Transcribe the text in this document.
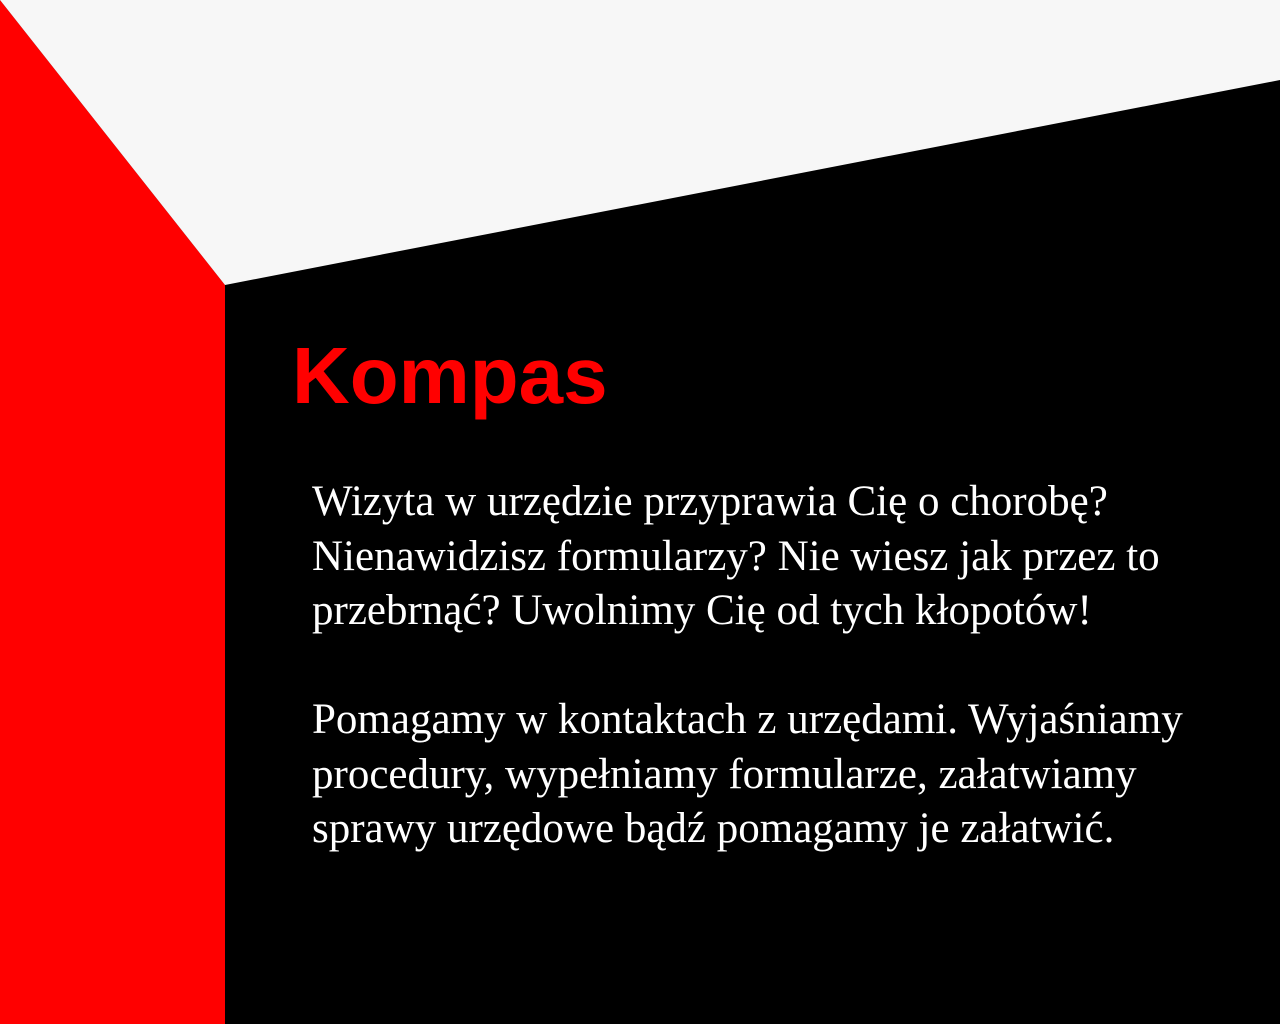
Kompas

Wizyta w urzędzie przyprawia Cię o chorobę?
Nienawidzisz formularzy? Nie wiesz jak przez to
przebrnąć? Uwolnimy Cię od tych kłopotów!

Pomagamy w kontaktach z urzędami. Wyjaśniamy
procedury, wypełniamy formularze, załatwiamy
sprawy urzędowe bądź pomagamy je załatwić.
